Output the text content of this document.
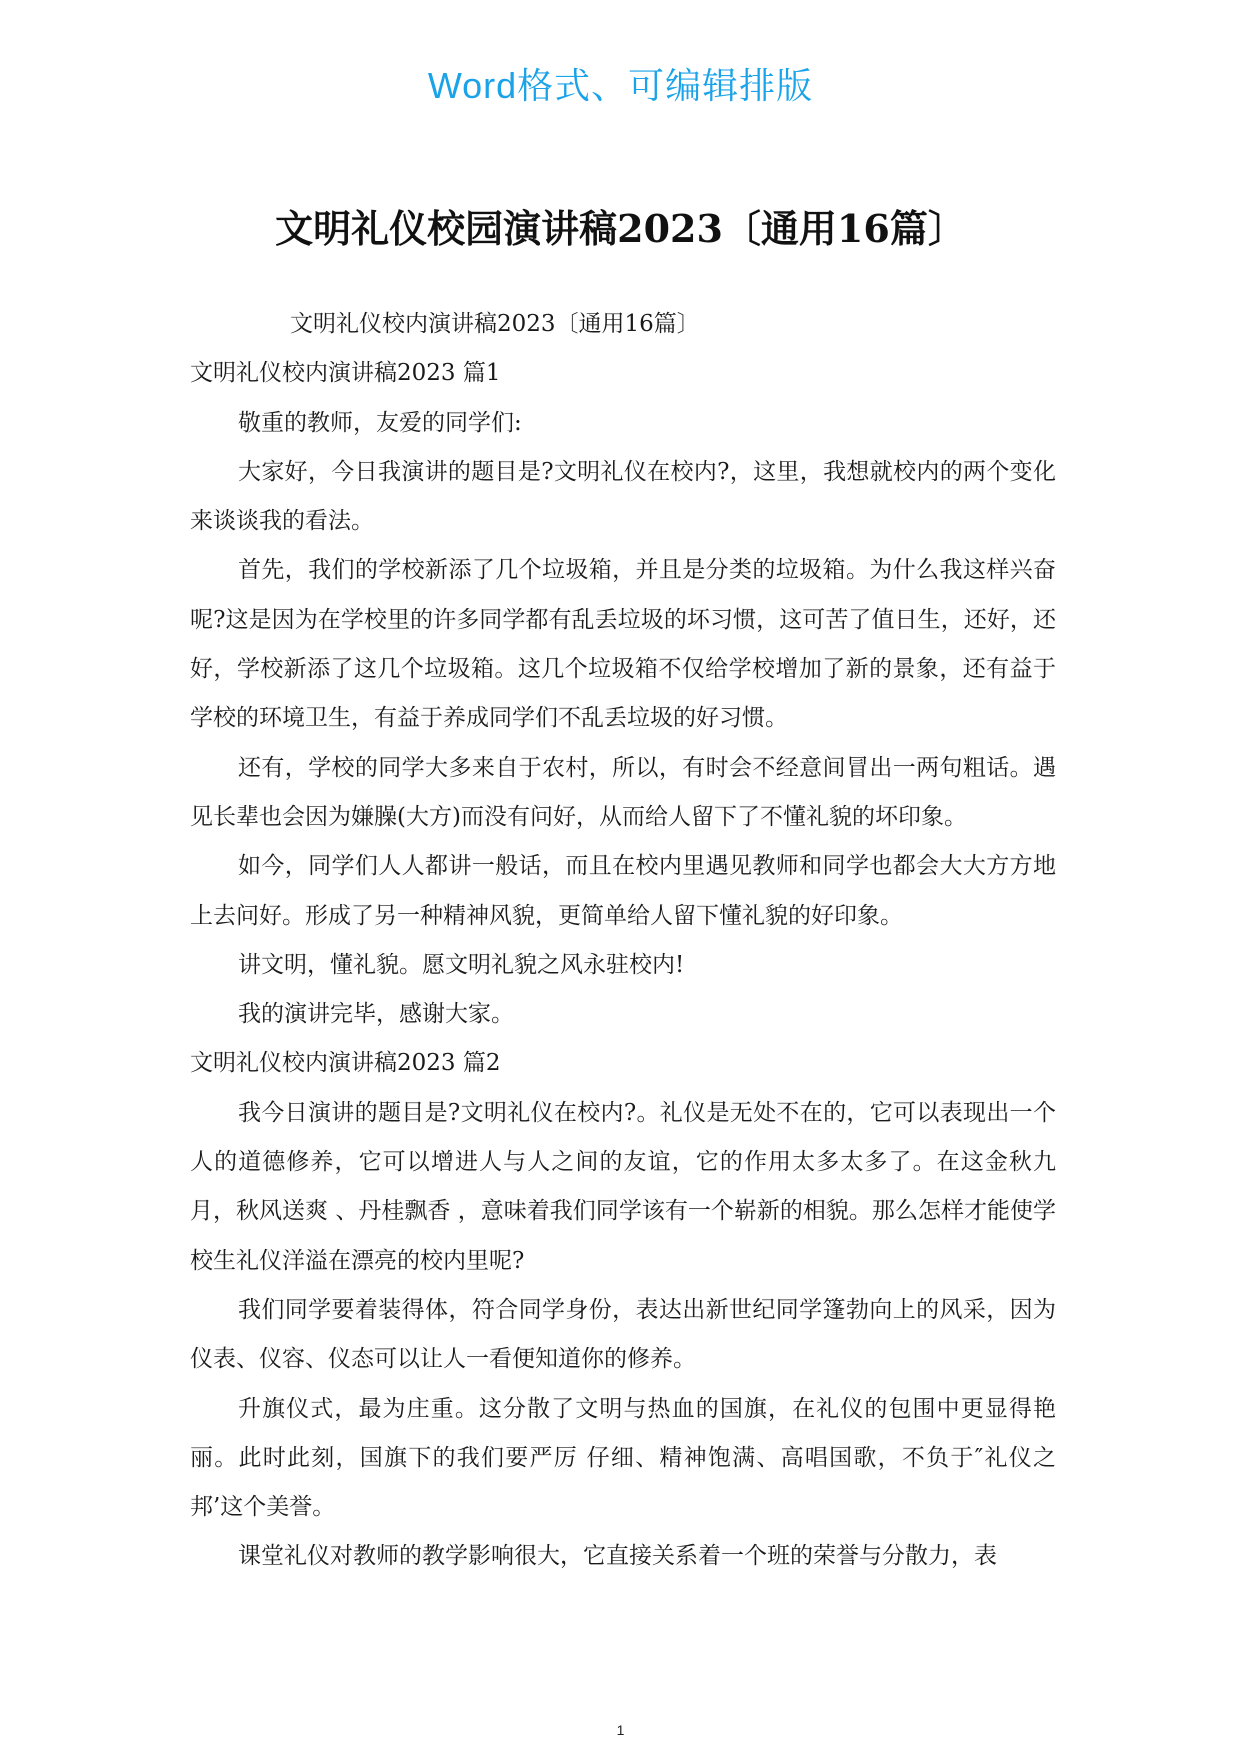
Word格式、可编辑排版
文明礼仪校园演讲稿2023〔通用16篇〕

文明礼仪校内演讲稿2023〔通用16篇〕

文明礼仪校内演讲稿2023 篇1

敬重的教师，友爱的同学们:

大家好，今日我演讲的题目是?文明礼仪在校内?，这里，我想就校内的两个变化来谈谈我的看法。

首先，我们的学校新添了几个垃圾箱，并且是分类的垃圾箱。为什么我这样兴奋呢?这是因为在学校里的许多同学都有乱丢垃圾的坏习惯，这可苦了值日生，还好，还好，学校新添了这几个垃圾箱。这几个垃圾箱不仅给学校增加了新的景象，还有益于学校的环境卫生，有益于养成同学们不乱丢垃圾的好习惯。

还有，学校的同学大多来自于农村，所以，有时会不经意间冒出一两句粗话。遇见长辈也会因为嫌臊(大方)而没有问好，从而给人留下了不懂礼貌的坏印象。

如今，同学们人人都讲一般话，而且在校内里遇见教师和同学也都会大大方方地上去问好。形成了另一种精神风貌，更简单给人留下懂礼貌的好印象。

讲文明，懂礼貌。愿文明礼貌之风永驻校内!

我的演讲完毕，感谢大家。

文明礼仪校内演讲稿2023 篇2

我今日演讲的题目是?文明礼仪在校内?。礼仪是无处不在的，它可以表现出一个人的道德修养，它可以增进人与人之间的友谊，它的作用太多太多了。在这金秋九月，秋风送爽 、丹桂飘香 ，意味着我们同学该有一个崭新的相貌。那么怎样才能使学校生礼仪洋溢在漂亮的校内里呢?

我们同学要着装得体，符合同学身份，表达出新世纪同学篷勃向上的风采，因为仪表、仪容、仪态可以让人一看便知道你的修养。

升旗仪式，最为庄重。这分散了文明与热血的国旗，在礼仪的包围中更显得艳丽。此时此刻，国旗下的我们要严厉 仔细、精神饱满、高唱国歌，不负于″礼仪之邦’这个美誉。

课堂礼仪对教师的教学影响很大，它直接关系着一个班的荣誉与分散力，表

1
